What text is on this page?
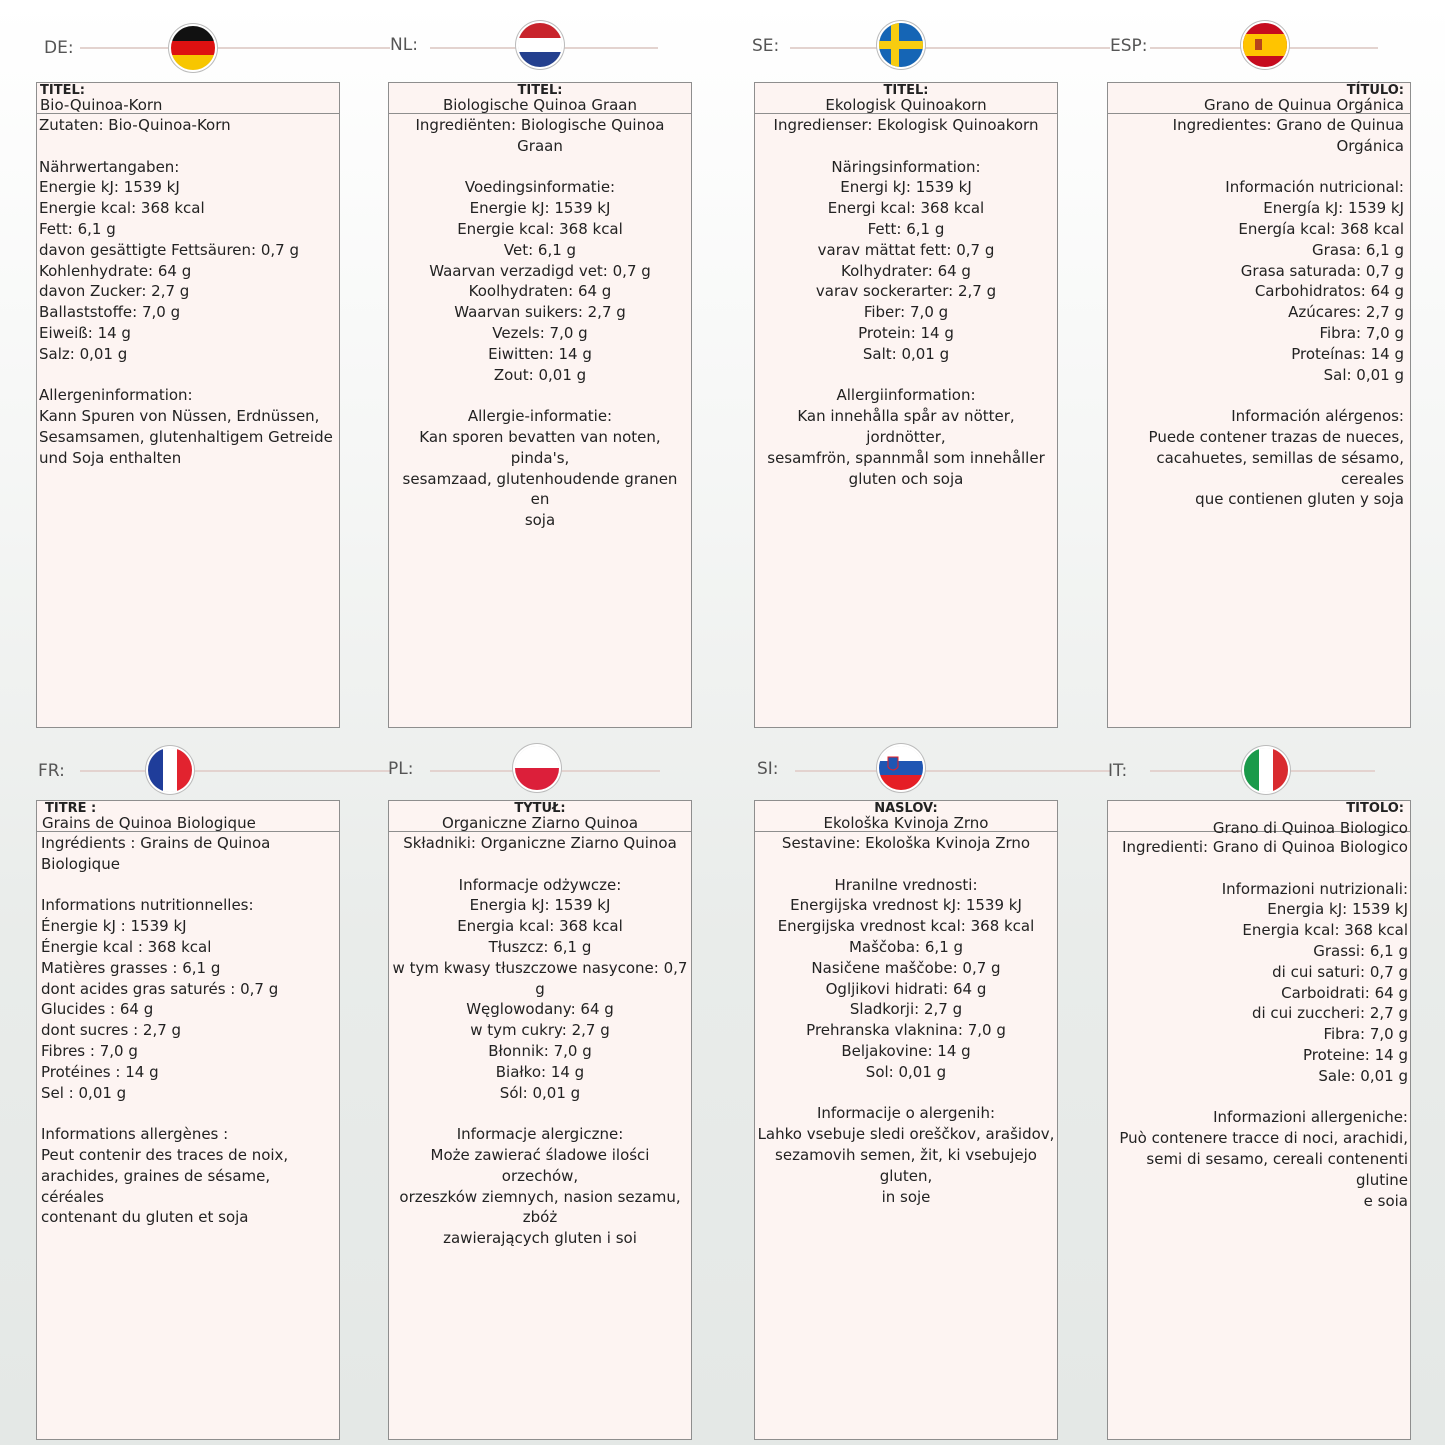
DE:
TITEL:
Bio-Quinoa-Korn
Zutaten: Bio-Quinoa-Korn

Nährwertangaben:
Energie kJ: 1539 kJ
Energie kcal: 368 kcal
Fett: 6,1 g
davon gesättigte Fettsäuren: 0,7 g
Kohlenhydrate: 64 g
davon Zucker: 2,7 g
Ballaststoffe: 7,0 g
Eiweiß: 14 g
Salz: 0,01 g

Allergeninformation:
Kann Spuren von Nüssen, Erdnüssen,
Sesamsamen, glutenhaltigem Getreide
und Soja enthalten
NL:
TITEL:
Biologische Quinoa Graan
Ingrediënten: Biologische Quinoa Graan

Voedingsinformatie:
Energie kJ: 1539 kJ
Energie kcal: 368 kcal
Vet: 6,1 g
Waarvan verzadigd vet: 0,7 g
Koolhydraten: 64 g
Waarvan suikers: 2,7 g
Vezels: 7,0 g
Eiwitten: 14 g
Zout: 0,01 g

Allergie-informatie:
Kan sporen bevatten van noten, pinda's,
sesamzaad, glutenhoudende granen en
soja
SE:
TITEL:
Ekologisk Quinoakorn
Ingredienser: Ekologisk Quinoakorn

Näringsinformation:
Energi kJ: 1539 kJ
Energi kcal: 368 kcal
Fett: 6,1 g
varav mättat fett: 0,7 g
Kolhydrater: 64 g
varav sockerarter: 2,7 g
Fiber: 7,0 g
Protein: 14 g
Salt: 0,01 g

Allergiinformation:
Kan innehålla spår av nötter, jordnötter,
sesamfrön, spannmål som innehåller
gluten och soja
ESP:
TÍTULO:
Grano de Quinua Orgánica
Ingredientes: Grano de Quinua Orgánica

Información nutricional:
Energía kJ: 1539 kJ
Energía kcal: 368 kcal
Grasa: 6,1 g
Grasa saturada: 0,7 g
Carbohidratos: 64 g
Azúcares: 2,7 g
Fibra: 7,0 g
Proteínas: 14 g
Sal: 0,01 g

Información alérgenos:
Puede contener trazas de nueces,
cacahuetes, semillas de sésamo, cereales
que contienen gluten y soja
FR:
TITRE :
Grains de Quinoa Biologique
Ingrédients : Grains de Quinoa Biologique

Informations nutritionnelles:
Énergie kJ : 1539 kJ
Énergie kcal : 368 kcal
Matières grasses : 6,1 g
dont acides gras saturés : 0,7 g
Glucides : 64 g
dont sucres : 2,7 g
Fibres : 7,0 g
Protéines : 14 g
Sel : 0,01 g

Informations allergènes :
Peut contenir des traces de noix,
arachides, graines de sésame, céréales
contenant du gluten et soja
PL:
TYTUŁ:
Organiczne Ziarno Quinoa
Składniki: Organiczne Ziarno Quinoa

Informacje odżywcze:
Energia kJ: 1539 kJ
Energia kcal: 368 kcal
Tłuszcz: 6,1 g
w tym kwasy tłuszczowe nasycone: 0,7 g
Węglowodany: 64 g
w tym cukry: 2,7 g
Błonnik: 7,0 g
Białko: 14 g
Sól: 0,01 g

Informacje alergiczne:
Może zawierać śladowe ilości orzechów,
orzeszków ziemnych, nasion sezamu, zbóż
zawierających gluten i soi
SI:
NASLOV:
Ekološka Kvinoja Zrno
Sestavine: Ekološka Kvinoja Zrno

Hranilne vrednosti:
Energijska vrednost kJ: 1539 kJ
Energijska vrednost kcal: 368 kcal
Maščoba: 6,1 g
Nasičene maščobe: 0,7 g
Ogljikovi hidrati: 64 g
Sladkorji: 2,7 g
Prehranska vlaknina: 7,0 g
Beljakovine: 14 g
Sol: 0,01 g

Informacije o alergenih:
Lahko vsebuje sledi oreščkov, arašidov,
sezamovih semen, žit, ki vsebujejo gluten,
in soje
IT:
TITOLO:
Grano di Quinoa Biologico
Ingredienti: Grano di Quinoa Biologico

Informazioni nutrizionali:
Energia kJ: 1539 kJ
Energia kcal: 368 kcal
Grassi: 6,1 g
di cui saturi: 0,7 g
Carboidrati: 64 g
di cui zuccheri: 2,7 g
Fibra: 7,0 g
Proteine: 14 g
Sale: 0,01 g

Informazioni allergeniche:
Può contenere tracce di noci, arachidi,
semi di sesamo, cereali contenenti glutine
e soia
